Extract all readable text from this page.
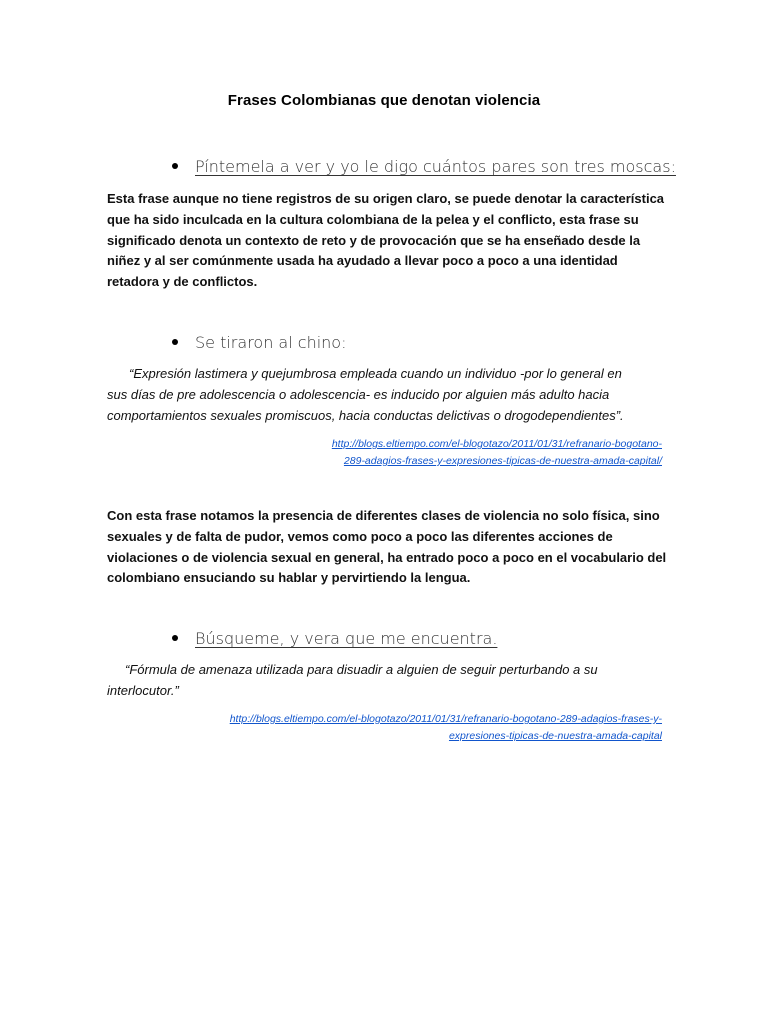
Frases Colombianas que denotan violencia
Píntemela a ver y yo le digo cuántos pares son tres moscas:
Esta frase aunque no tiene registros de su origen claro, se puede denotar la característica
que ha sido inculcada en la cultura colombiana de la pelea y el conflicto, esta frase su
significado denota un contexto de reto y de provocación que se ha enseñado desde la
niñez y al ser comúnmente usada ha ayudado a llevar poco a poco a una identidad
retadora y de conflictos.
Se tiraron al chino:
“Expresión lastimera y quejumbrosa empleada cuando un individuo -por lo general en
sus días de pre adolescencia o adolescencia- es inducido por alguien más adulto hacia
comportamientos sexuales promiscuos, hacia conductas delictivas o drogodependientes”.
http://blogs.eltiempo.com/el-blogotazo/2011/01/31/refranario-bogotano-
289-adagios-frases-y-expresiones-tipicas-de-nuestra-amada-capital/
Con esta frase notamos la presencia de diferentes clases de violencia no solo física, sino
sexuales y de falta de pudor, vemos como poco a poco las diferentes acciones de
violaciones o de violencia sexual en general, ha entrado poco a poco en el vocabulario del
colombiano ensuciando su hablar y pervirtiendo la lengua.
Búsqueme, y vera que me encuentra.
“Fórmula de amenaza utilizada para disuadir a alguien de seguir perturbando a su
interlocutor.”
http://blogs.eltiempo.com/el-blogotazo/2011/01/31/refranario-bogotano-289-adagios-frases-y-
expresiones-tipicas-de-nuestra-amada-capital
